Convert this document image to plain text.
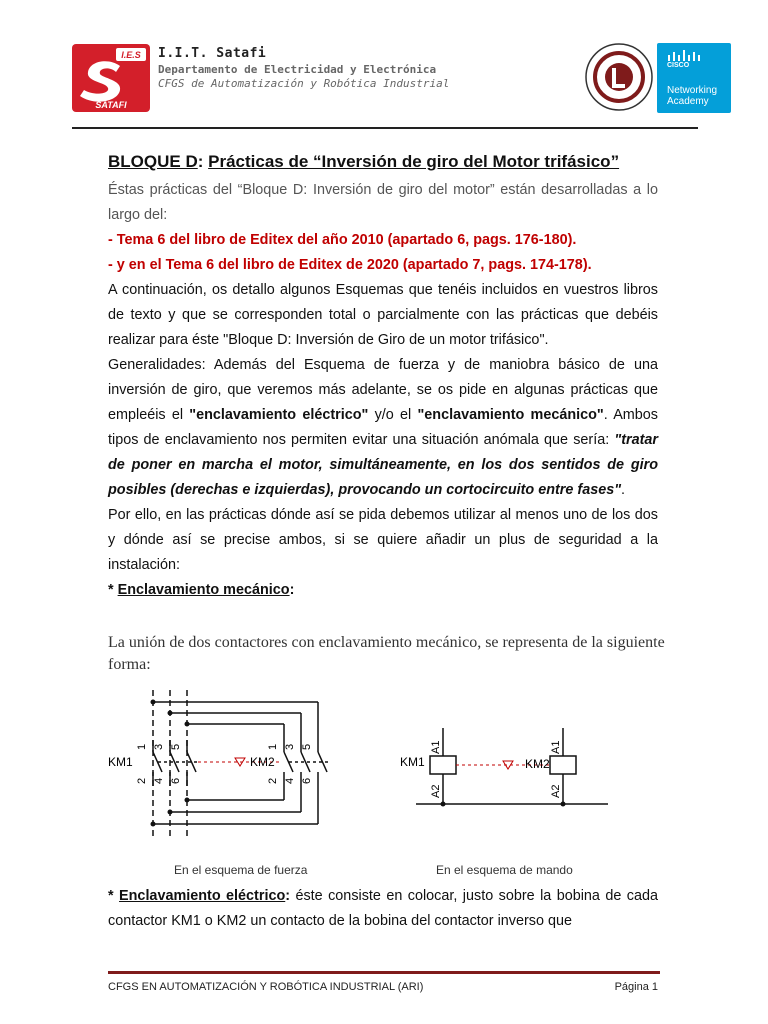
I.E.S
SATAFI
I.I.T. Satafi
Departamento de Electricidad y Electrónica
CFGS de Automatización y Robótica Industrial
CISCO
Networking
Academy
BLOQUE D: Prácticas de “Inversión de giro del Motor trifásico”
Éstas prácticas del “Bloque D: Inversión de giro del motor” están desarrolladas a lo largo del:
- Tema 6 del libro de Editex del año 2010 (apartado 6, pags. 176-180).
- y en el Tema 6 del libro de Editex de 2020 (apartado 7, pags. 174-178).
A continuación, os detallo algunos Esquemas que tenéis incluidos en vuestros libros de texto y que se corresponden total o parcialmente con las prácticas que debéis realizar para éste "Bloque D: Inversión de Giro de un motor trifásico".
Generalidades: Además del Esquema de fuerza y de maniobra básico de una inversión de giro, que veremos más adelante, se os pide en algunas prácticas que empleéis el "enclavamiento eléctrico" y/o el "enclavamiento mecánico". Ambos tipos de enclavamiento nos permiten evitar una situación anómala que sería: "tratar de poner en marcha el motor, simultáneamente, en los dos sentidos de giro posibles (derechas e izquierdas), provocando un cortocircuito entre fases".
Por ello, en las prácticas dónde así se pida debemos utilizar al menos uno de los dos y dónde así se precise ambos, si se quiere añadir un plus de seguridad a la instalación:
* Enclavamiento mecánico:
La unión de dos contactores con enclavamiento mecánico, se representa de la siguiente forma:
KM1	KM2
1 3 5
2 4 6
1 3 5
2 4 6
En el esquema de fuerza
KM1	KM2
A1
A2
A1
A2
En el esquema de mando
* Enclavamiento eléctrico: éste consiste en colocar, justo sobre la bobina de cada contactor KM1 o KM2 un contacto de la bobina del contactor inverso que
CFGS EN AUTOMATIZACIÓN Y ROBÓTICA INDUSTRIAL (ARI)	Página 1
